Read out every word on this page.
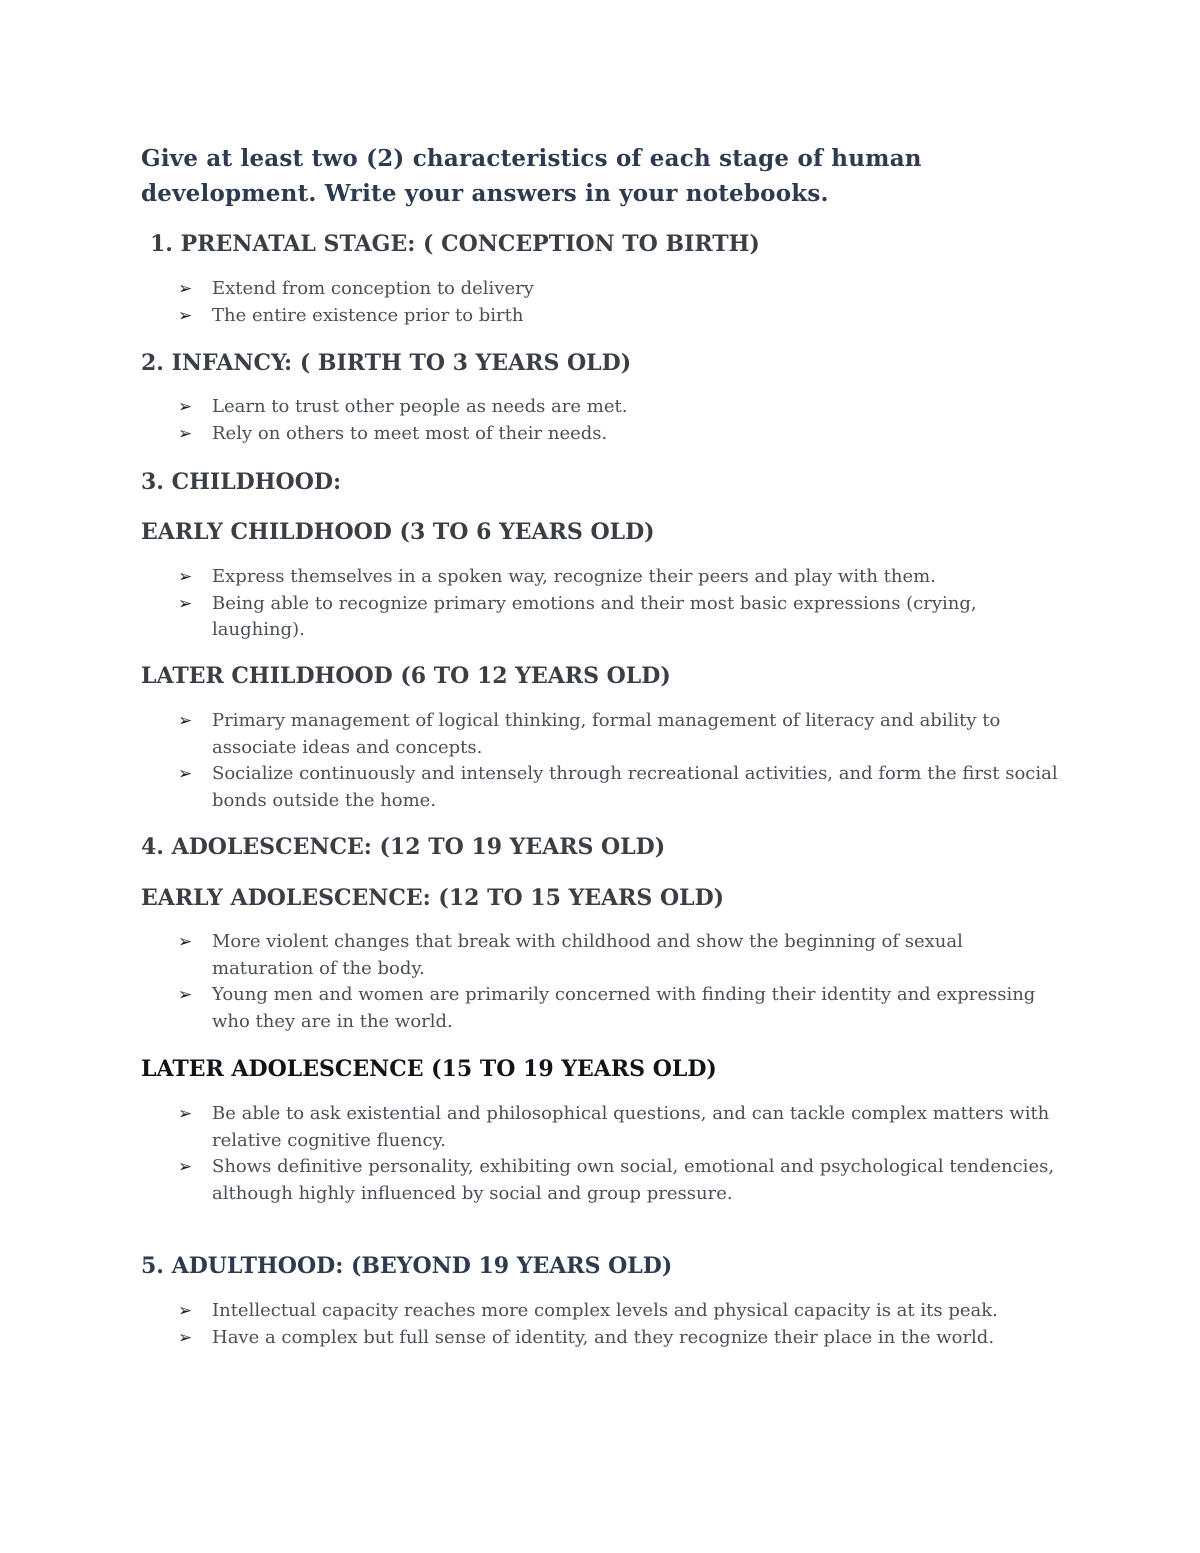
Give at least two (2) characteristics of each stage of human development. Write your answers in your notebooks.

1. PRENATAL STAGE: ( CONCEPTION TO BIRTH)
➢	Extend from conception to delivery
➢	The entire existence prior to birth
2. INFANCY: ( BIRTH TO 3 YEARS OLD)
➢	Learn to trust other people as needs are met.
➢	Rely on others to meet most of their needs.
3. CHILDHOOD:
EARLY CHILDHOOD (3 TO 6 YEARS OLD)
➢	Express themselves in a spoken way, recognize their peers and play with them.
➢	Being able to recognize primary emotions and their most basic expressions (crying, laughing).
LATER CHILDHOOD (6 TO 12 YEARS OLD)
➢	Primary management of logical thinking, formal management of literacy and ability to associate ideas and concepts.
➢	Socialize continuously and intensely through recreational activities, and form the first social bonds outside the home.
4. ADOLESCENCE: (12 TO 19 YEARS OLD)
EARLY ADOLESCENCE: (12 TO 15 YEARS OLD)
➢	More violent changes that break with childhood and show the beginning of sexual maturation of the body.
➢	Young men and women are primarily concerned with finding their identity and expressing who they are in the world.
LATER ADOLESCENCE (15 TO 19 YEARS OLD)
➢	Be able to ask existential and philosophical questions, and can tackle complex matters with relative cognitive fluency.
➢	Shows definitive personality, exhibiting own social, emotional and psychological tendencies, although highly influenced by social and group pressure.
5. ADULTHOOD: (BEYOND 19 YEARS OLD)
➢	Intellectual capacity reaches more complex levels and physical capacity is at its peak.
➢	Have a complex but full sense of identity, and they recognize their place in the world.
